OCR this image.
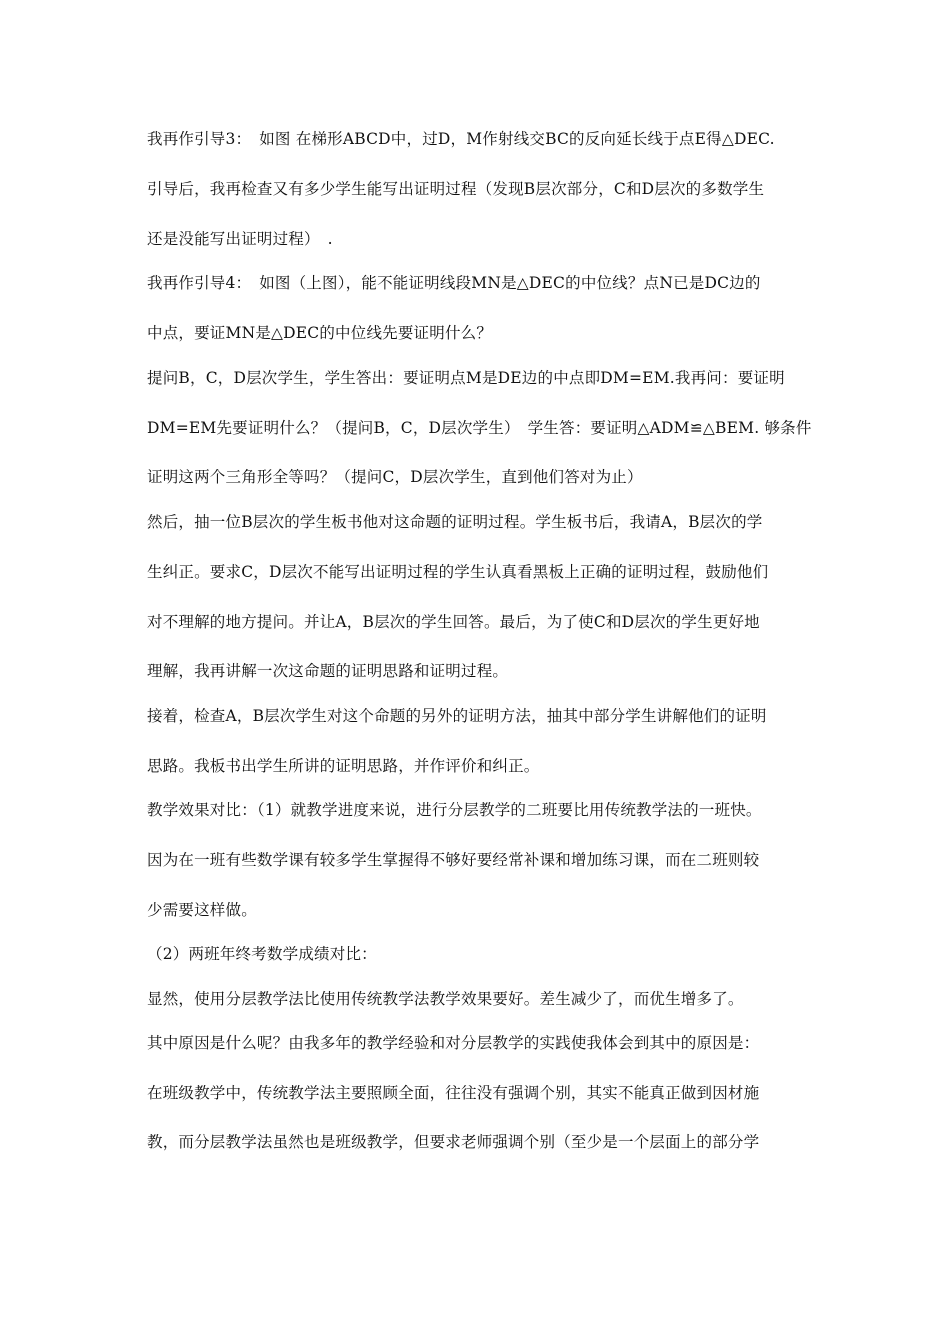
我再作引导3：　如图 在梯形ABCD中，过D，M作射线交BC的反向延长线于点E得△DEC.
引导后，我再检查又有多少学生能写出证明过程（发现B层次部分，C和D层次的多数学生
还是没能写出证明过程）　.
我再作引导4：　如图（上图），能不能证明线段MN是△DEC的中位线？点N已是DC边的
中点，要证MN是△DEC的中位线先要证明什么？
提问B，C，D层次学生，学生答出：要证明点M是DE边的中点即DM=EM.我再问：要证明
DM=EM先要证明什么？（提问B，C，D层次学生）　学生答：要证明△ADM≌△BEM. 够条件
证明这两个三角形全等吗？（提问C，D层次学生，直到他们答对为止）
然后，抽一位B层次的学生板书他对这命题的证明过程。学生板书后，我请A，B层次的学
生纠正。要求C，D层次不能写出证明过程的学生认真看黑板上正确的证明过程，鼓励他们
对不理解的地方提问。并让A，B层次的学生回答。最后，为了使C和D层次的学生更好地
理解，我再讲解一次这命题的证明思路和证明过程。
接着，检查A，B层次学生对这个命题的另外的证明方法，抽其中部分学生讲解他们的证明
思路。我板书出学生所讲的证明思路，并作评价和纠正。
教学效果对比：（1）就教学进度来说，进行分层教学的二班要比用传统教学法的一班快。
因为在一班有些数学课有较多学生掌握得不够好要经常补课和增加练习课，而在二班则较
少需要这样做。
（2）两班年终考数学成绩对比：
显然，使用分层教学法比使用传统教学法教学效果要好。差生减少了，而优生增多了。
其中原因是什么呢？由我多年的教学经验和对分层教学的实践使我体会到其中的原因是：
在班级教学中，传统教学法主要照顾全面，往往没有强调个别，其实不能真正做到因材施
教，而分层教学法虽然也是班级教学，但要求老师强调个别（至少是一个层面上的部分学
